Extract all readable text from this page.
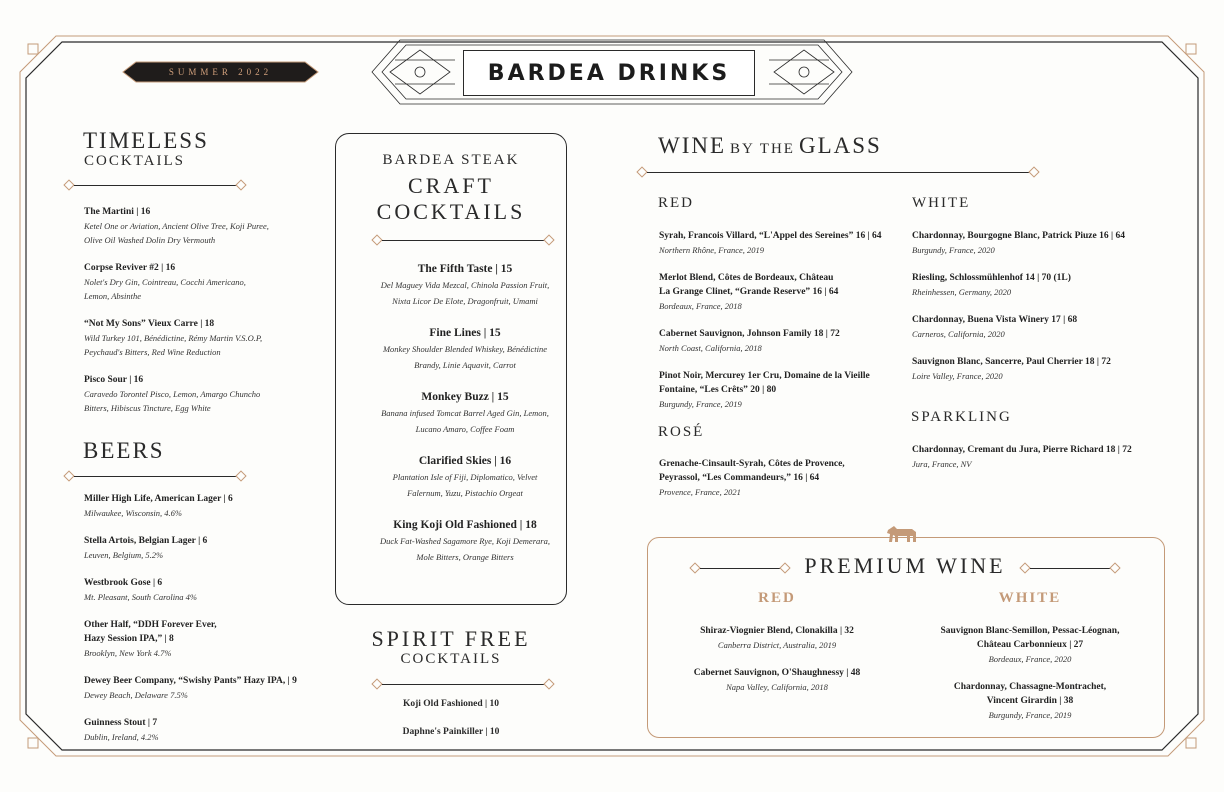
SUMMER 2022	BARDEA DRINKS
TIMELESS
COCKTAILS
The Martini | 16
Ketel One or Aviation, Ancient Olive Tree, Koji Puree,
Olive Oil Washed Dolin Dry Vermouth
Corpse Reviver #2 | 16
Nolet's Dry Gin, Cointreau, Cocchi Americano,
Lemon, Absinthe
“Not My Sons” Vieux Carre | 18
Wild Turkey 101, Bénédictine, Rémy Martin V.S.O.P,
Peychaud's Bitters, Red Wine Reduction
Pisco Sour | 16
Caravedo Torontel Pisco, Lemon, Amargo Chuncho
Bitters, Hibiscus Tincture, Egg White
BEERS
Miller High Life, American Lager | 6
Milwaukee, Wisconsin, 4.6%
Stella Artois, Belgian Lager | 6
Leuven, Belgium, 5.2%
Westbrook Gose | 6
Mt. Pleasant, South Carolina 4%
Other Half, “DDH Forever Ever,
Hazy Session IPA,” | 8
Brooklyn, New York 4.7%
Dewey Beer Company, “Swishy Pants” Hazy IPA, | 9
Dewey Beach, Delaware 7.5%
Guinness Stout | 7
Dublin, Ireland, 4.2%
BARDEA STEAK
CRAFT
COCKTAILS
The Fifth Taste | 15
Del Maguey Vida Mezcal, Chinola Passion Fruit,
Nixta Licor De Elote, Dragonfruit, Umami
Fine Lines | 15
Monkey Shoulder Blended Whiskey, Bénédictine
Brandy, Linie Aquavit, Carrot
Monkey Buzz | 15
Banana infused Tomcat Barrel Aged Gin, Lemon,
Lucano Amaro, Coffee Foam
Clarified Skies | 16
Plantation Isle of Fiji, Diplomatico, Velvet
Falernum, Yuzu, Pistachio Orgeat
King Koji Old Fashioned | 18
Duck Fat-Washed Sagamore Rye, Koji Demerara,
Mole Bitters, Orange Bitters
SPIRIT FREE
COCKTAILS
Koji Old Fashioned | 10
Daphne's Painkiller | 10
WINE BY THE GLASS
RED
Syrah, Francois Villard, “L'Appel des Sereines” 16 | 64
Northern Rhône, France, 2019
Merlot Blend, Côtes de Bordeaux, Château
La Grange Clinet, “Grande Reserve” 16 | 64
Bordeaux, France, 2018
Cabernet Sauvignon, Johnson Family 18 | 72
North Coast, California, 2018
Pinot Noir, Mercurey 1er Cru, Domaine de la Vieille
Fontaine, “Les Crêts” 20 | 80
Burgundy, France, 2019
ROSÉ
Grenache-Cinsault-Syrah, Côtes de Provence,
Peyrassol, “Les Commandeurs,” 16 | 64
Provence, France, 2021
WHITE
Chardonnay, Bourgogne Blanc, Patrick Piuze 16 | 64
Burgundy, France, 2020
Riesling, Schlossmühlenhof 14 | 70 (1L)
Rheinhessen, Germany, 2020
Chardonnay, Buena Vista Winery 17 | 68
Carneros, California, 2020
Sauvignon Blanc, Sancerre, Paul Cherrier 18 | 72
Loire Valley, France, 2020
SPARKLING
Chardonnay, Cremant du Jura, Pierre Richard 18 | 72
Jura, France, NV
PREMIUM WINE
RED	WHITE
Shiraz-Viognier Blend, Clonakilla | 32
Canberra District, Australia, 2019
Cabernet Sauvignon, O'Shaughnessy | 48
Napa Valley, California, 2018
Sauvignon Blanc-Semillon, Pessac-Léognan,
Château Carbonnieux | 27
Bordeaux, France, 2020
Chardonnay, Chassagne-Montrachet,
Vincent Girardin | 38
Burgundy, France, 2019
